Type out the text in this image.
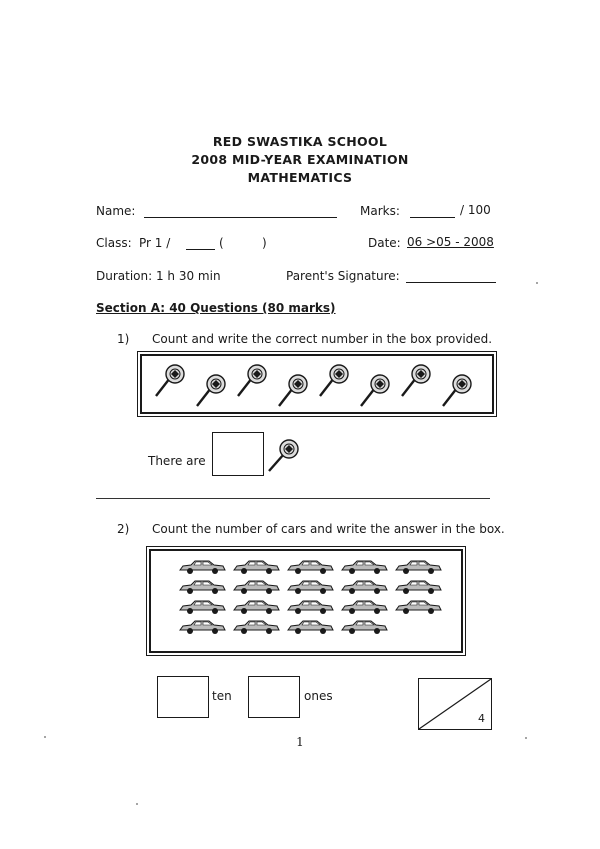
RED SWASTIKA SCHOOL
2008 MID-YEAR EXAMINATION
MATHEMATICS
Name:	Marks:	/ 100
Class: Pr 1 /	(	)	Date: 06 >05 - 2008
Duration: 1 h 30 min	Parent's Signature:
Section A: 40 Questions (80 marks)
1) Count and write the correct number in the box provided.
There are
2) Count the number of cars and write the answer in the box.
ten	ones
4
1
